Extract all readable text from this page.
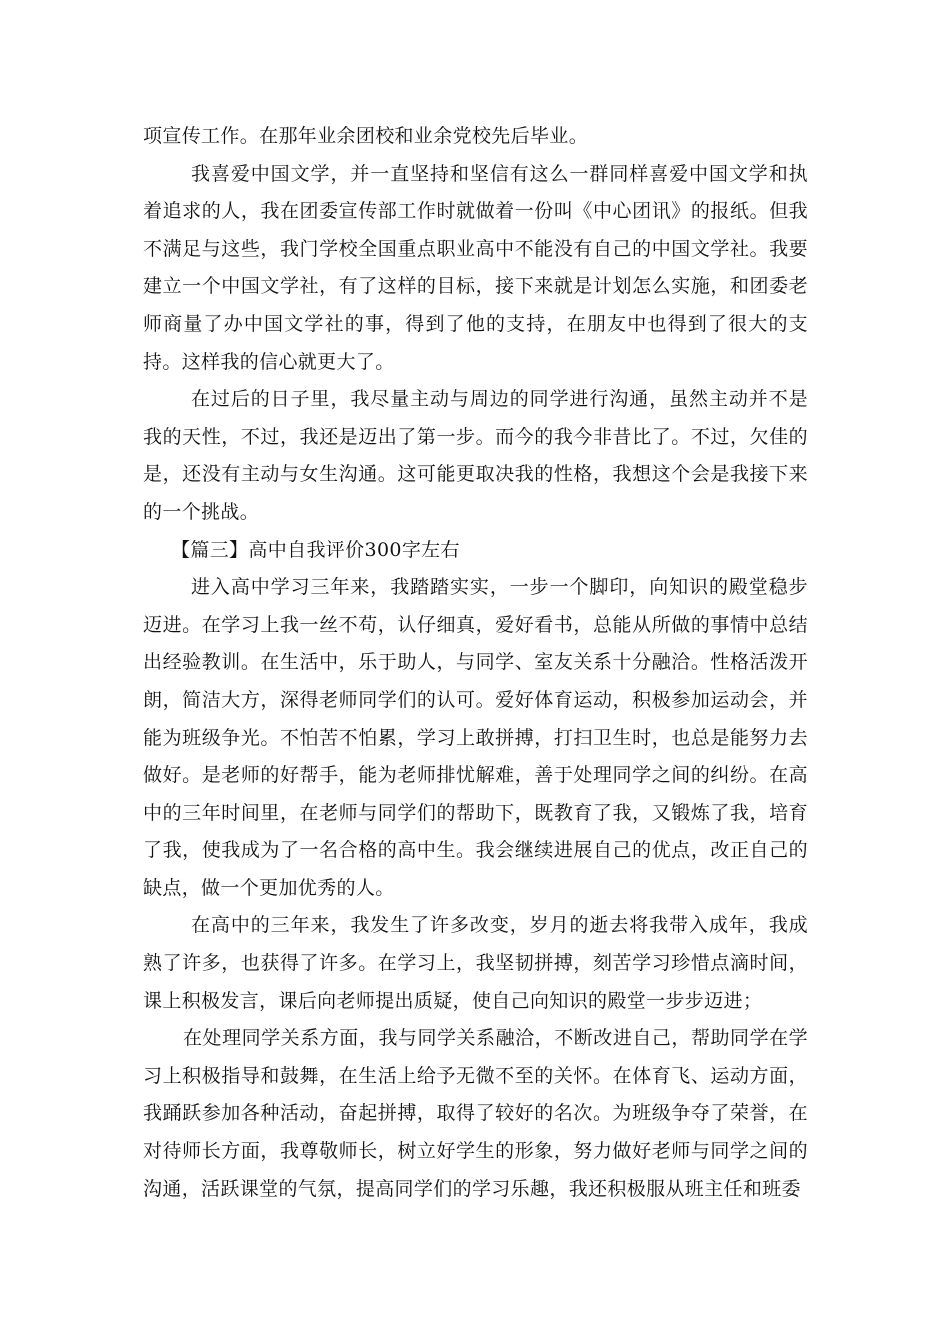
项宣传工作。在那年业余团校和业余党校先后毕业。

我喜爱中国文学，并一直坚持和坚信有这么一群同样喜爱中国文学和执着追求的人，我在团委宣传部工作时就做着一份叫《中心团讯》的报纸。但我不满足与这些，我门学校全国重点职业高中不能没有自己的中国文学社。我要建立一个中国文学社，有了这样的目标，接下来就是计划怎么实施，和团委老师商量了办中国文学社的事，得到了他的支持，在朋友中也得到了很大的支持。这样我的信心就更大了。

在过后的日子里，我尽量主动与周边的同学进行沟通，虽然主动并不是我的天性，不过，我还是迈出了第一步。而今的我今非昔比了。不过，欠佳的是，还没有主动与女生沟通。这可能更取决我的性格，我想这个会是我接下来的一个挑战。

【篇三】高中自我评价300字左右

进入高中学习三年来，我踏踏实实，一步一个脚印，向知识的殿堂稳步迈进。在学习上我一丝不苟，认仔细真，爱好看书，总能从所做的事情中总结出经验教训。在生活中，乐于助人，与同学、室友关系十分融洽。性格活泼开朗，简洁大方，深得老师同学们的认可。爱好体育运动，积极参加运动会，并能为班级争光。不怕苦不怕累，学习上敢拼搏，打扫卫生时，也总是能努力去做好。是老师的好帮手，能为老师排忧解难，善于处理同学之间的纠纷。在高中的三年时间里，在老师与同学们的帮助下，既教育了我，又锻炼了我，培育了我，使我成为了一名合格的高中生。我会继续进展自己的优点，改正自己的缺点，做一个更加优秀的人。

在高中的三年来，我发生了许多改变，岁月的逝去将我带入成年，我成熟了许多，也获得了许多。在学习上，我坚韧拼搏，刻苦学习珍惜点滴时间，课上积极发言，课后向老师提出质疑，使自己向知识的殿堂一步步迈进；

在处理同学关系方面，我与同学关系融洽，不断改进自己，帮助同学在学习上积极指导和鼓舞，在生活上给予无微不至的关怀。在体育飞、运动方面，我踊跃参加各种活动，奋起拼搏，取得了较好的名次。为班级争夺了荣誉，在对待师长方面，我尊敬师长，树立好学生的形象，努力做好老师与同学之间的沟通，活跃课堂的气氛，提高同学们的学习乐趣，我还积极服从班主任和班委
